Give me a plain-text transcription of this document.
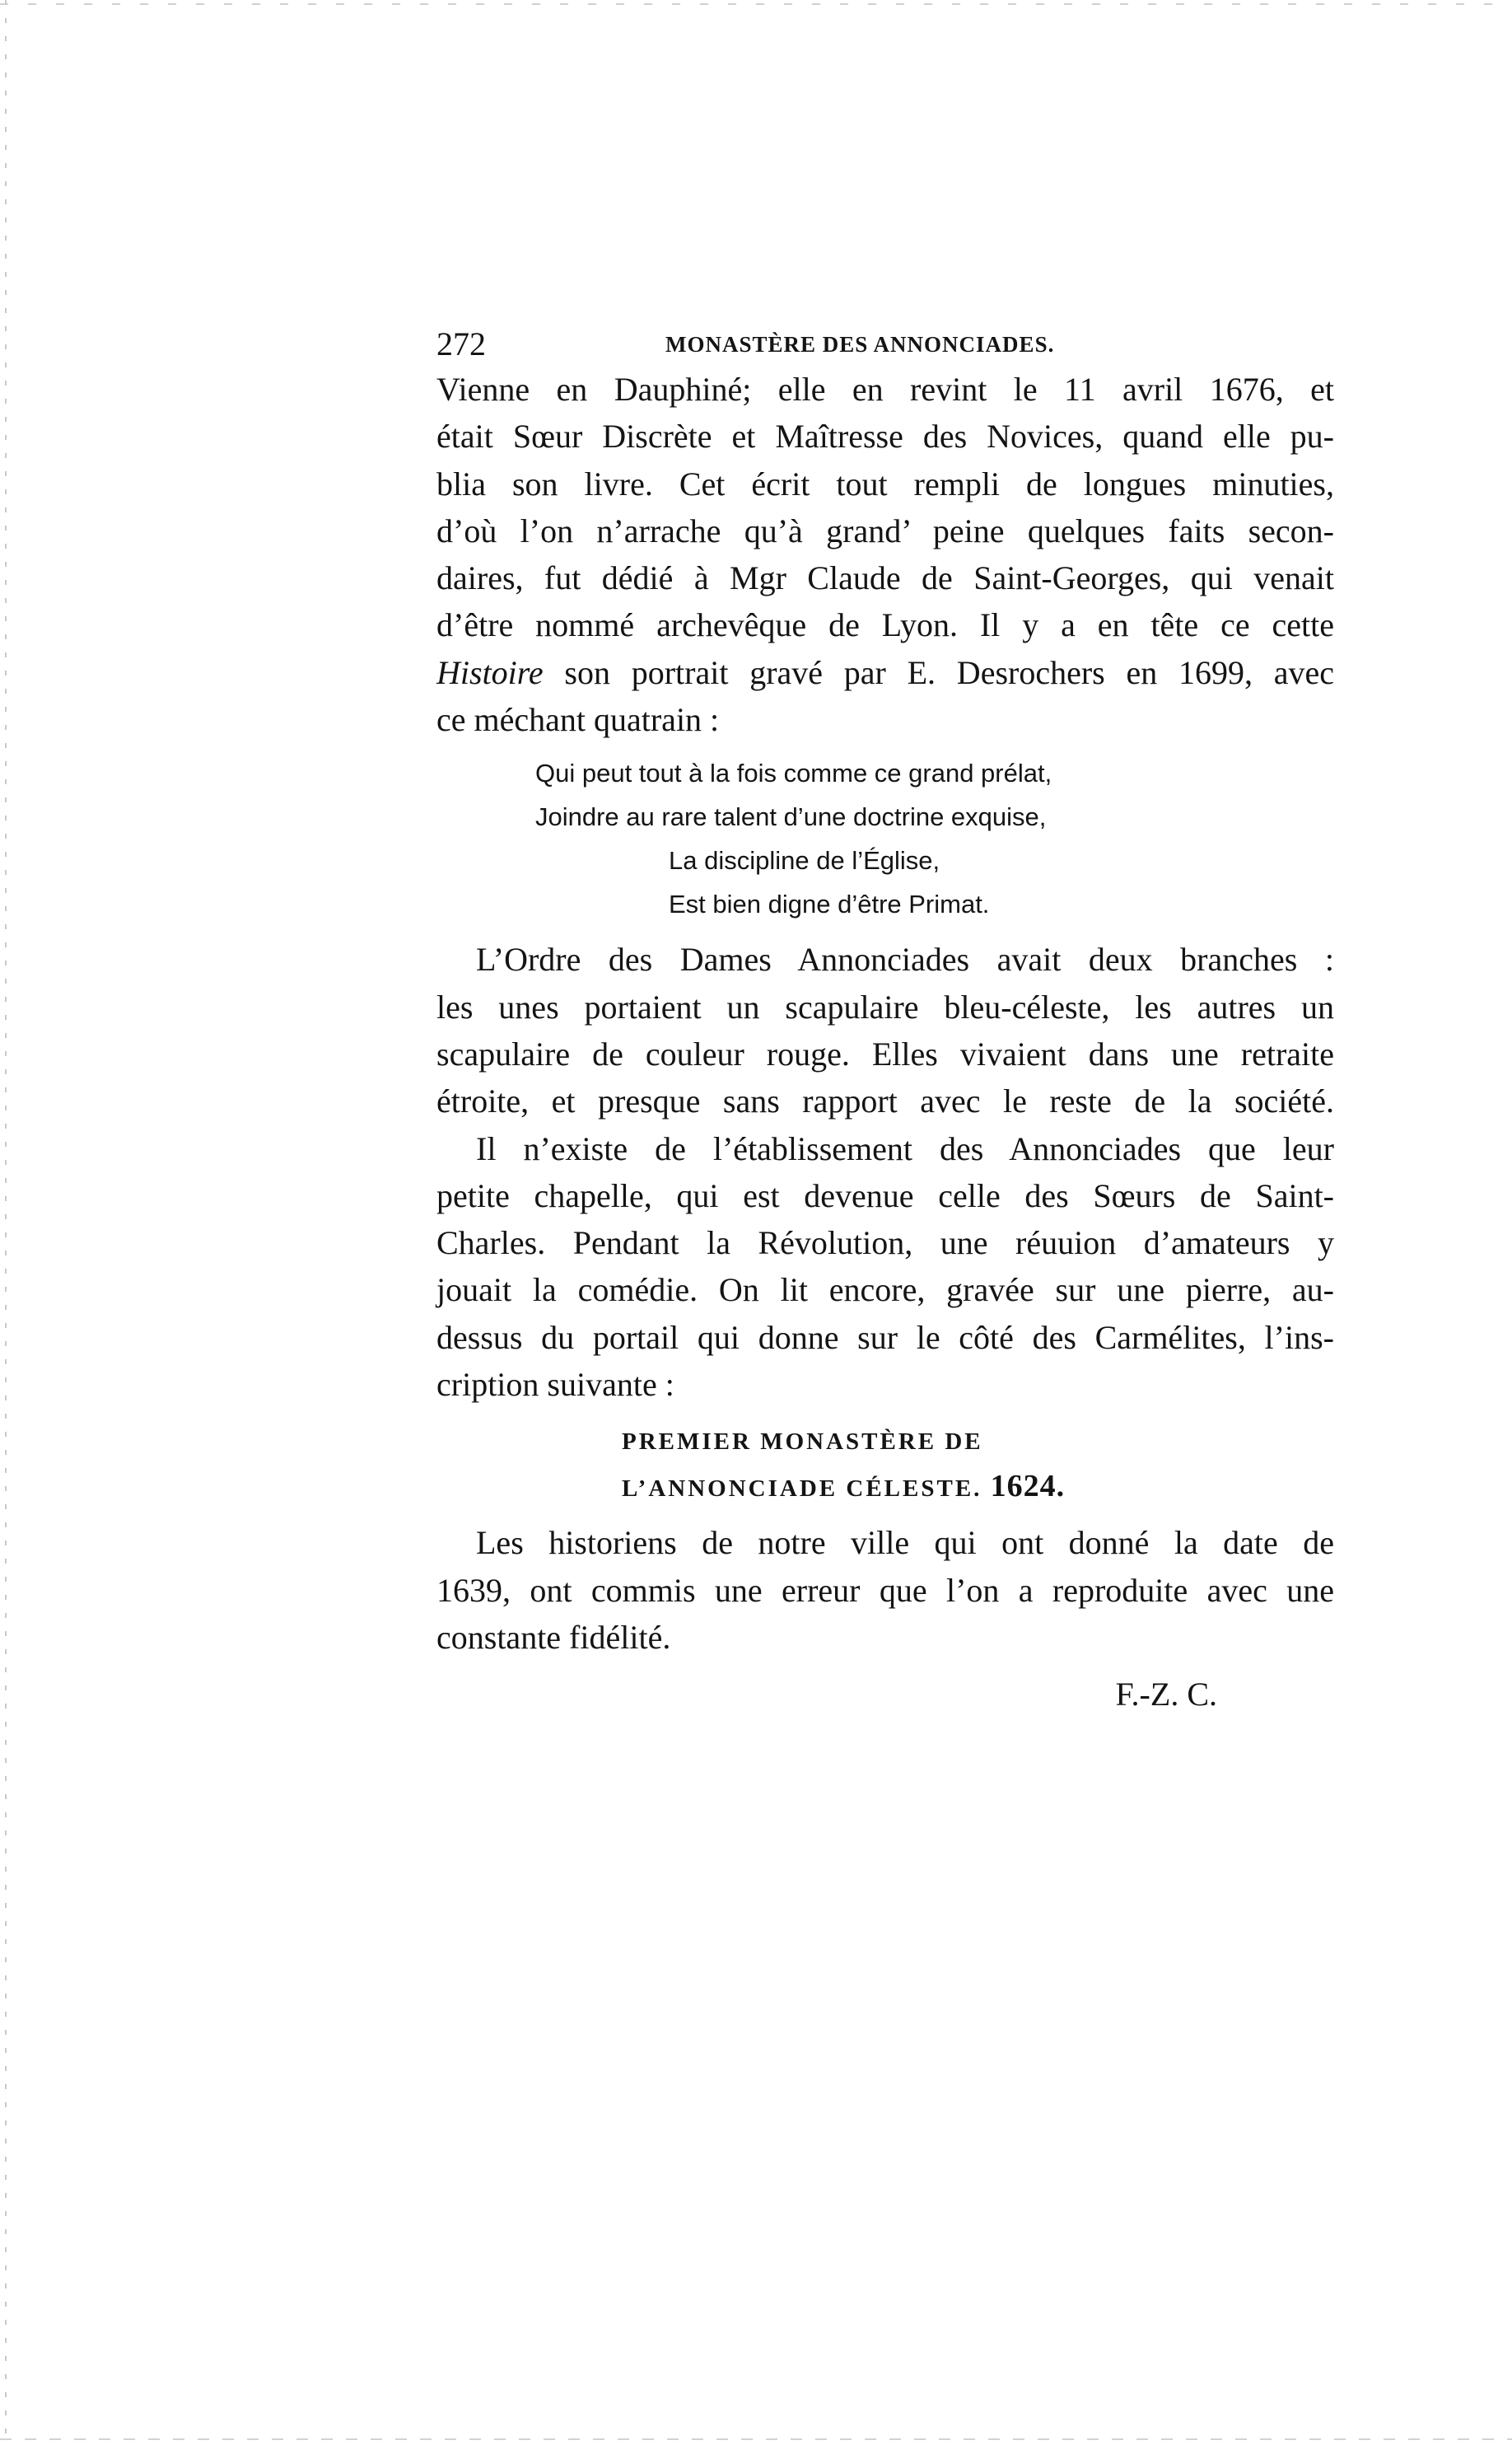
272	MONASTÈRE DES ANNONCIADES.

Vienne en Dauphiné; elle en revint le 11 avril 1676, et
était Sœur Discrète et Maîtresse des Novices, quand elle pu-
blia son livre. Cet écrit tout rempli de longues minuties,
d’où l’on n’arrache qu’à grand’ peine quelques faits secon-
daires, fut dédié à Mgr Claude de Saint-Georges, qui venait
d’être nommé archevêque de Lyon. Il y a en tête ce cette
Histoire son portrait gravé par E. Desrochers en 1699, avec
ce méchant quatrain :

Qui peut tout à la fois comme ce grand prélat,
Joindre au rare talent d’une doctrine exquise,
La discipline de l’Église,
Est bien digne d’être Primat.

L’Ordre des Dames Annonciades avait deux branches :
les unes portaient un scapulaire bleu-céleste, les autres un
scapulaire de couleur rouge. Elles vivaient dans une retraite
étroite, et presque sans rapport avec le reste de la société.

Il n’existe de l’établissement des Annonciades que leur
petite chapelle, qui est devenue celle des Sœurs de Saint-
Charles. Pendant la Révolution, une réuuion d’amateurs y
jouait la comédie. On lit encore, gravée sur une pierre, au-
dessus du portail qui donne sur le côté des Carmélites, l’ins-
cription suivante :

PREMIER MONASTÈRE DE
L’ANNONCIADE CÉLESTE. 1624.

Les historiens de notre ville qui ont donné la date de
1639, ont commis une erreur que l’on a reproduite avec une
constante fidélité.

F.-Z. C.
